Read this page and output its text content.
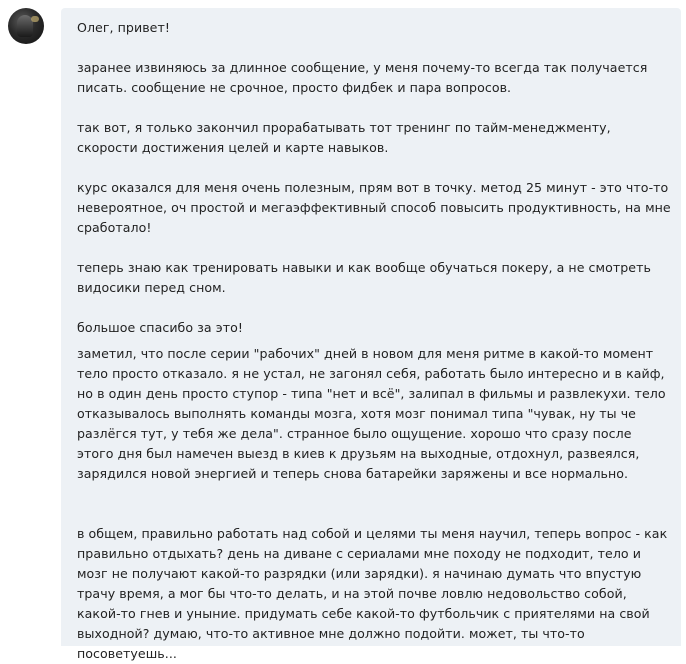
Олег, привет!
заранее извиняюсь за длинное сообщение, у меня почему-то всегда так получается писать. сообщение не срочное, просто фидбек и пара вопросов.
так вот, я только закончил прорабатывать тот тренинг по тайм-менеджменту, скорости достижения целей и карте навыков.
курс оказался для меня очень полезным, прям вот в точку. метод 25 минут - это что-то невероятное, оч простой и мегаэффективный способ повысить продуктивность, на мне сработало!
теперь знаю как тренировать навыки и как вообще обучаться покеру, а не смотреть видосики перед сном.
большое спасибо за это!
заметил, что после серии "рабочих" дней в новом для меня ритме в какой-то момент тело просто отказало. я не устал, не загонял себя, работать было интересно и в кайф, но в один день просто ступор - типа "нет и всё", залипал в фильмы и развлекухи. тело отказывалось выполнять команды мозга, хотя мозг понимал типа "чувак, ну ты че разлёгся тут, у тебя же дела". странное было ощущение. хорошо что сразу после этого дня был намечен выезд в киев к друзьям на выходные, отдохнул, развеялся, зарядился новой энергией и теперь снова батарейки заряжены и все нормально.
в общем, правильно работать над собой и целями ты меня научил, теперь вопрос - как правильно отдыхать? день на диване с сериалами мне походу не подходит, тело и мозг не получают какой-то разрядки (или зарядки). я начинаю думать что впустую трачу время, а мог бы что-то делать, и на этой почве ловлю недовольство собой, какой-то гнев и уныние. придумать себе какой-то футбольчик с приятелями на свой выходной? думаю, что-то активное мне должно подойти. может, ты что-то посоветуешь...
